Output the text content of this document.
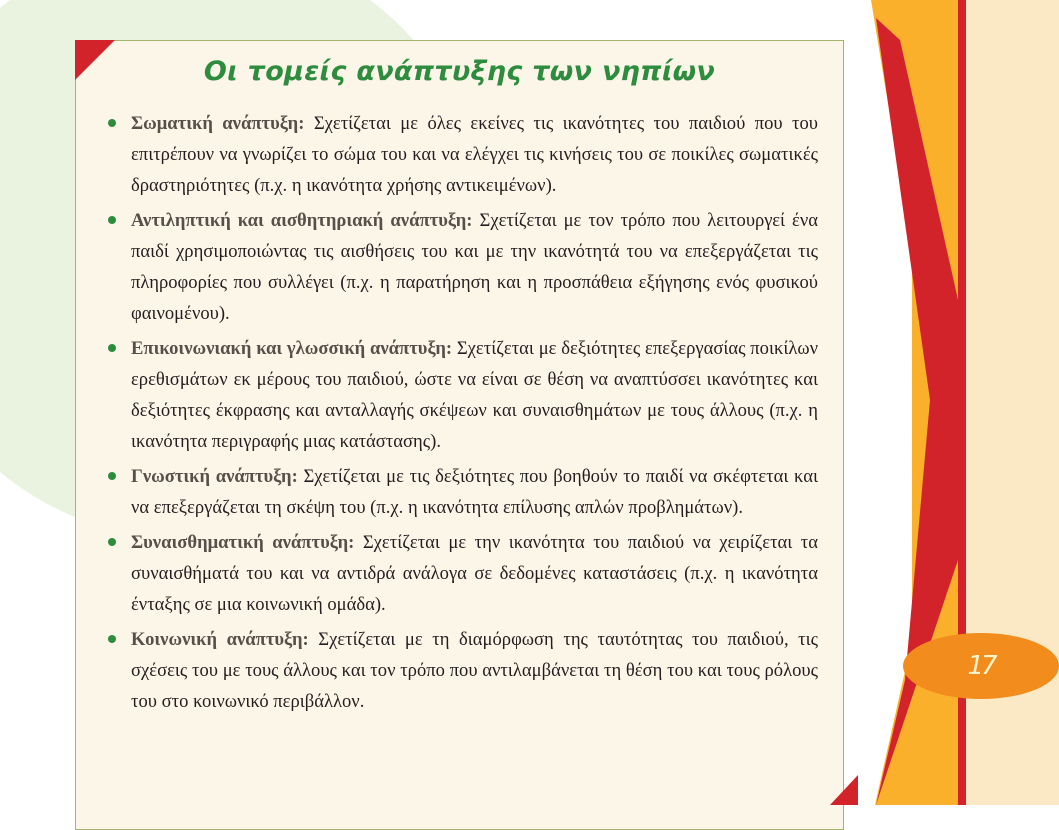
Οι τομείς ανάπτυξης των νηπίων
Σωματική ανάπτυξη: Σχετίζεται με όλες εκείνες τις ικανότητες του παιδιού που του επιτρέπουν να γνωρίζει το σώμα του και να ελέγχει τις κινήσεις του σε ποικίλες σωματικές δραστηριότητες (π.χ. η ικανότητα χρήσης αντικειμένων).
Αντιληπτική και αισθητηριακή ανάπτυξη: Σχετίζεται με τον τρόπο που λειτουργεί ένα παιδί χρησιμοποιώντας τις αισθήσεις του και με την ικανότητά του να επεξεργάζεται τις πληροφορίες που συλλέγει (π.χ. η παρατήρηση και η προσπάθεια εξήγησης ενός φυσικού φαινομένου).
Επικοινωνιακή και γλωσσική ανάπτυξη: Σχετίζεται με δεξιότητες επεξεργασίας ποικίλων ερεθισμάτων εκ μέρους του παιδιού, ώστε να είναι σε θέση να αναπτύσσει ικανότητες και δεξιότητες έκφρασης και ανταλλαγής σκέψεων και συναισθημάτων με τους άλλους (π.χ. η ικανότητα περιγραφής μιας κατάστασης).
Γνωστική ανάπτυξη: Σχετίζεται με τις δεξιότητες που βοηθούν το παιδί να σκέφτεται και να επεξεργάζεται τη σκέψη του (π.χ. η ικανότητα επίλυσης απλών προβλημάτων).
Συναισθηματική ανάπτυξη: Σχετίζεται με την ικανότητα του παιδιού να χειρίζεται τα συναισθήματά του και να αντιδρά ανάλογα σε δεδομένες καταστάσεις (π.χ. η ικανότητα ένταξης σε μια κοινωνική ομάδα).
Κοινωνική ανάπτυξη: Σχετίζεται με τη διαμόρφωση της ταυτότητας του παιδιού, τις σχέσεις του με τους άλλους και τον τρόπο που αντιλαμβάνεται τη θέση του και τους ρόλους του στο κοινωνικό περιβάλλον.
17
